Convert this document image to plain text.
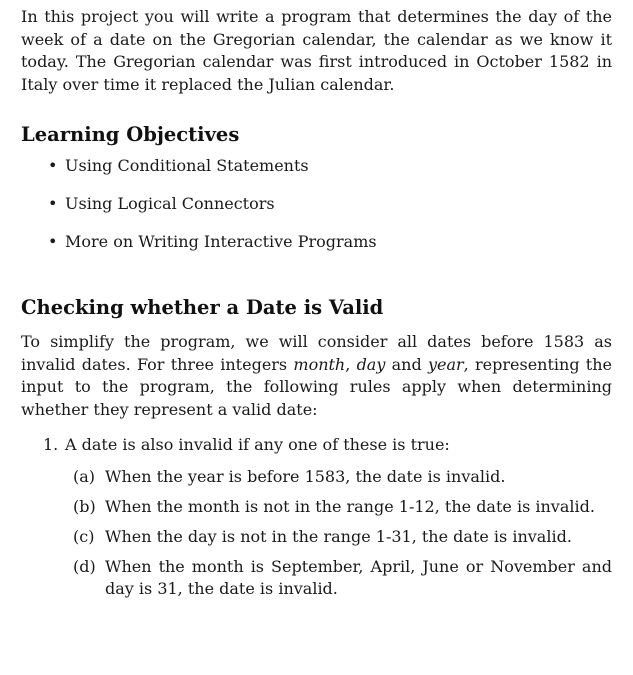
In this project you will write a program that determines the day of the week of a date on the Gregorian calendar, the calendar as we know it today. The Gregorian calendar was first introduced in October 1582 in Italy over time it replaced the Julian calendar.

Learning Objectives
• Using Conditional Statements
• Using Logical Connectors
• More on Writing Interactive Programs
Checking whether a Date is Valid

To simplify the program, we will consider all dates before 1583 as invalid dates. For three integers month, day and year, representing the input to the program, the following rules apply when determining whether they represent a valid date:

1. A date is also invalid if any one of these is true:
(a) When the year is before 1583, the date is invalid.
(b) When the month is not in the range 1-12, the date is invalid.
(c) When the day is not in the range 1-31, the date is invalid.
(d) When the month is September, April, June or November and day is 31, the date is invalid.
